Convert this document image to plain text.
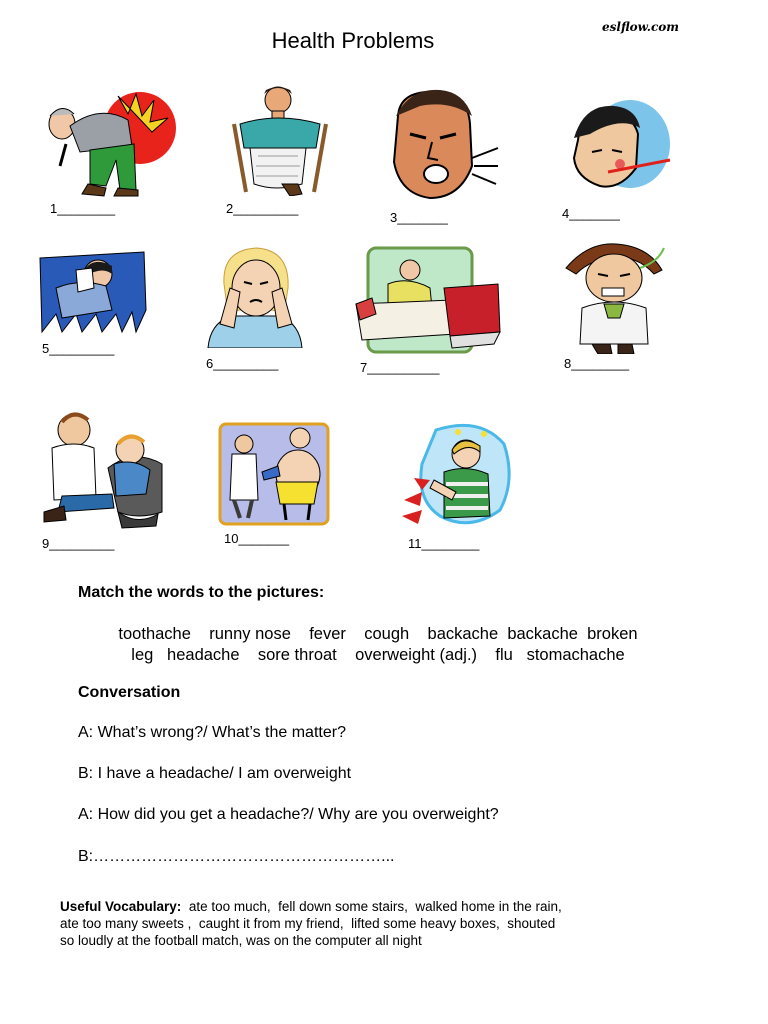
Health Problems
eslflow.com
1________	2_________
3_______	4_______
5_________
6_________	7__________	8________
9_________	10_______	11________
Match the words to the pictures:
toothache    runny nose    fever    cough    backache  backache  broken
leg   headache    sore throat    overweight (adj.)    flu   stomachache
Conversation
A: What’s wrong?/ What’s the matter?
B: I have a headache/ I am overweight
A: How did you get a headache?/ Why are you overweight?
B:………………………………………………...
Useful Vocabulary: ate too much,  fell down some stairs,  walked home in the rain,
ate too many sweets ,  caught it from my friend,  lifted some heavy boxes,  shouted
so loudly at the football match, was on the computer all night
